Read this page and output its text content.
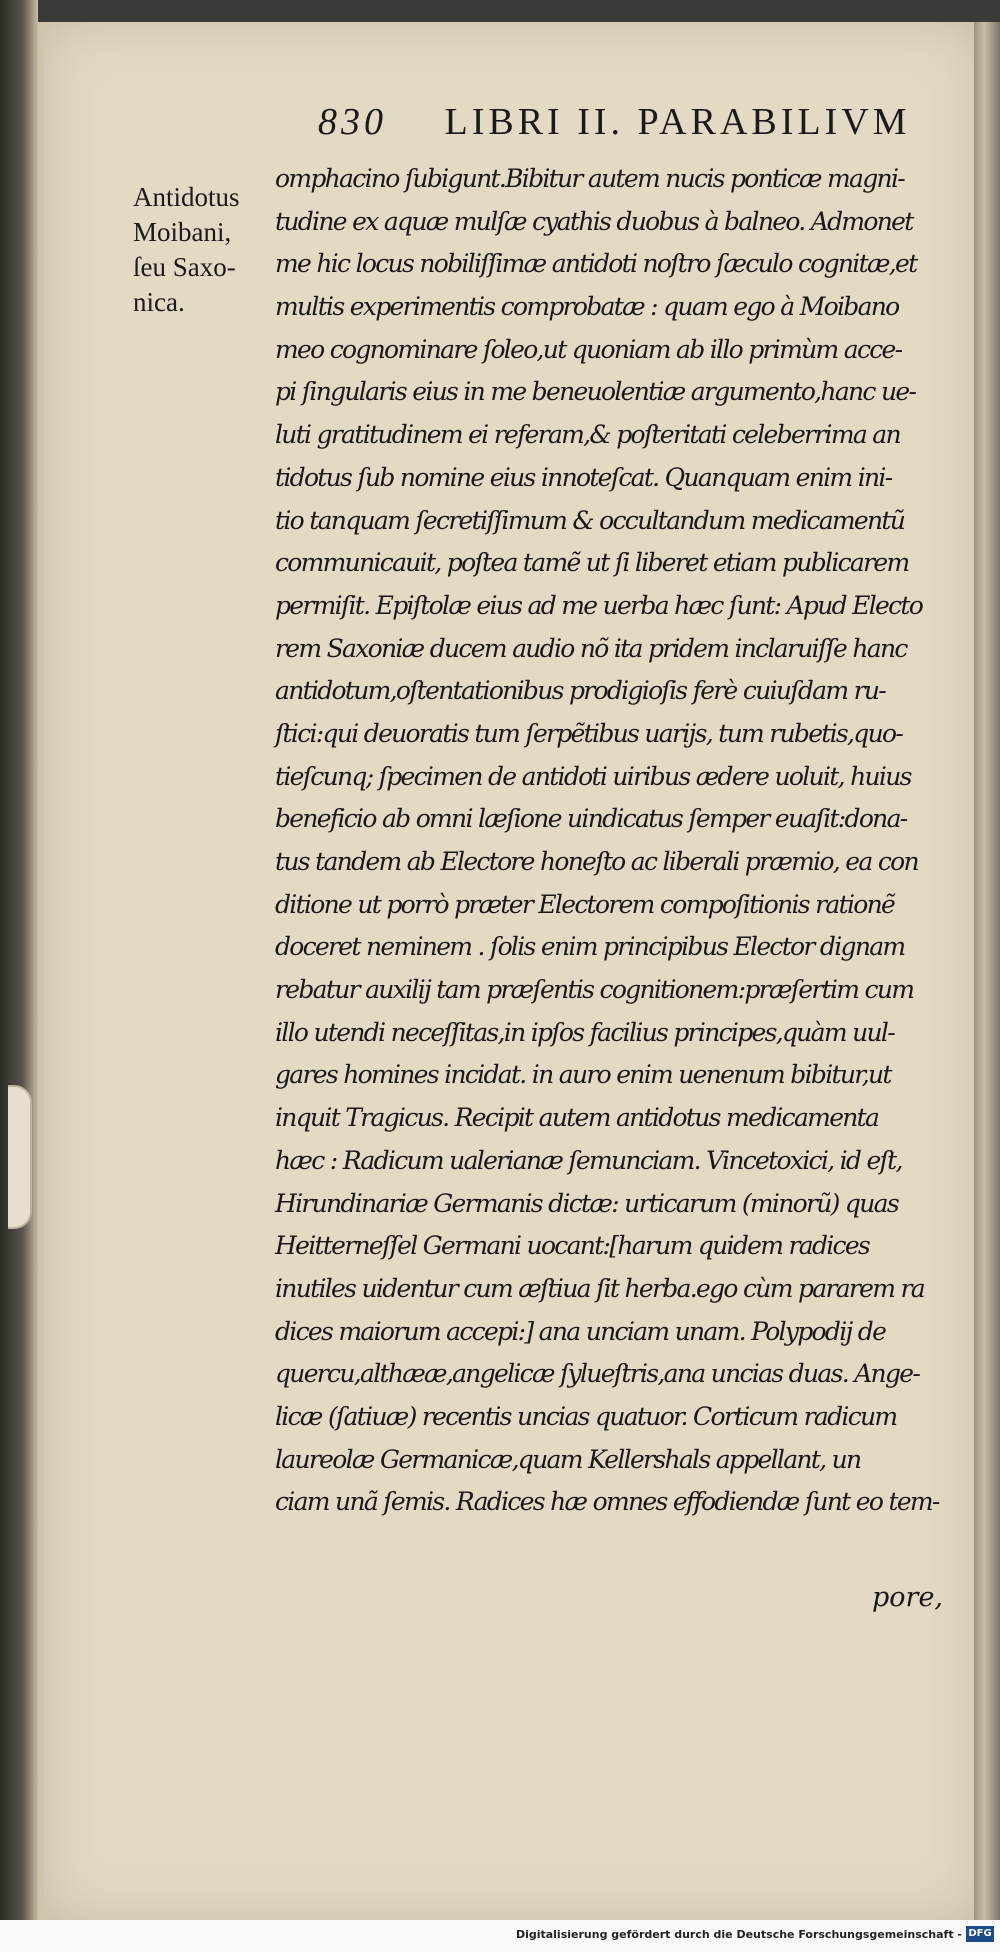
830 LIBRI II. PARABILIVM
Antidotus
Moibani,
ſeu Saxo-
nica.
omphacino ſubigunt.Bibitur autem nucis ponticæ magni-
tudine ex aquæ mulſæ cyathis duobus à balneo. Admonet
me hic locus nobiliſſimæ antidoti noſtro ſæculo cognitæ,et
multis experimentis comprobatæ : quam ego à Moibano
meo cognominare ſoleo,ut quoniam ab illo primùm acce-
pi ſingularis eius in me beneuolentiæ argumento,hanc ue-
luti gratitudinem ei referam,& poſteritati celeberrima an
tidotus ſub nomine eius innoteſcat. Quanquam enim ini-
tio tanquam ſecretiſſimum & occultandum medicamentũ
communicauit, poſtea tamẽ ut ſi liberet etiam publicarem
permiſit. Epiſtolæ eius ad me uerba hæc ſunt: Apud Electo
rem Saxoniæ ducem audio nõ ita pridem inclaruiſſe hanc
antidotum,oſtentationibus prodigioſis ferè cuiuſdam ru-
ſtici:qui deuoratis tum ſerpẽtibus uarijs, tum rubetis,quo-
tieſcunq; ſpecimen de antidoti uiribus ædere uoluit, huius
beneficio ab omni læſione uindicatus ſemper euaſit:dona-
tus tandem ab Electore honeſto ac liberali præmio, ea con
ditione ut porrò præter Electorem compoſitionis rationẽ
doceret neminem . ſolis enim principibus Elector dignam
rebatur auxilij tam præſentis cognitionem:præſertim cum
illo utendi neceſſitas,in ipſos facilius principes,quàm uul-
gares homines incidat. in auro enim uenenum bibitur,ut
inquit Tragicus. Recipit autem antidotus medicamenta
hæc : Radicum ualerianæ ſemunciam. Vincetoxici, id eſt,
Hirundinariæ Germanis dictæ: urticarum (minorũ) quas
Heitterneſſel Germani uocant:[harum quidem radices
inutiles uidentur cum æſtiua ſit herba.ego cùm pararem ra
dices maiorum accepi:] ana unciam unam. Polypodij de
quercu,althææ,angelicæ ſylueſtris,ana uncias duas. Ange-
licæ (ſatiuæ) recentis uncias quatuor. Corticum radicum
laureolæ Germanicæ,quam Kellershals appellant, un
ciam unã ſemis. Radices hæ omnes effodiendæ ſunt eo tem-
pore,
Digitalisierung gefördert durch die Deutsche Forschungsgemeinschaft - DFG
